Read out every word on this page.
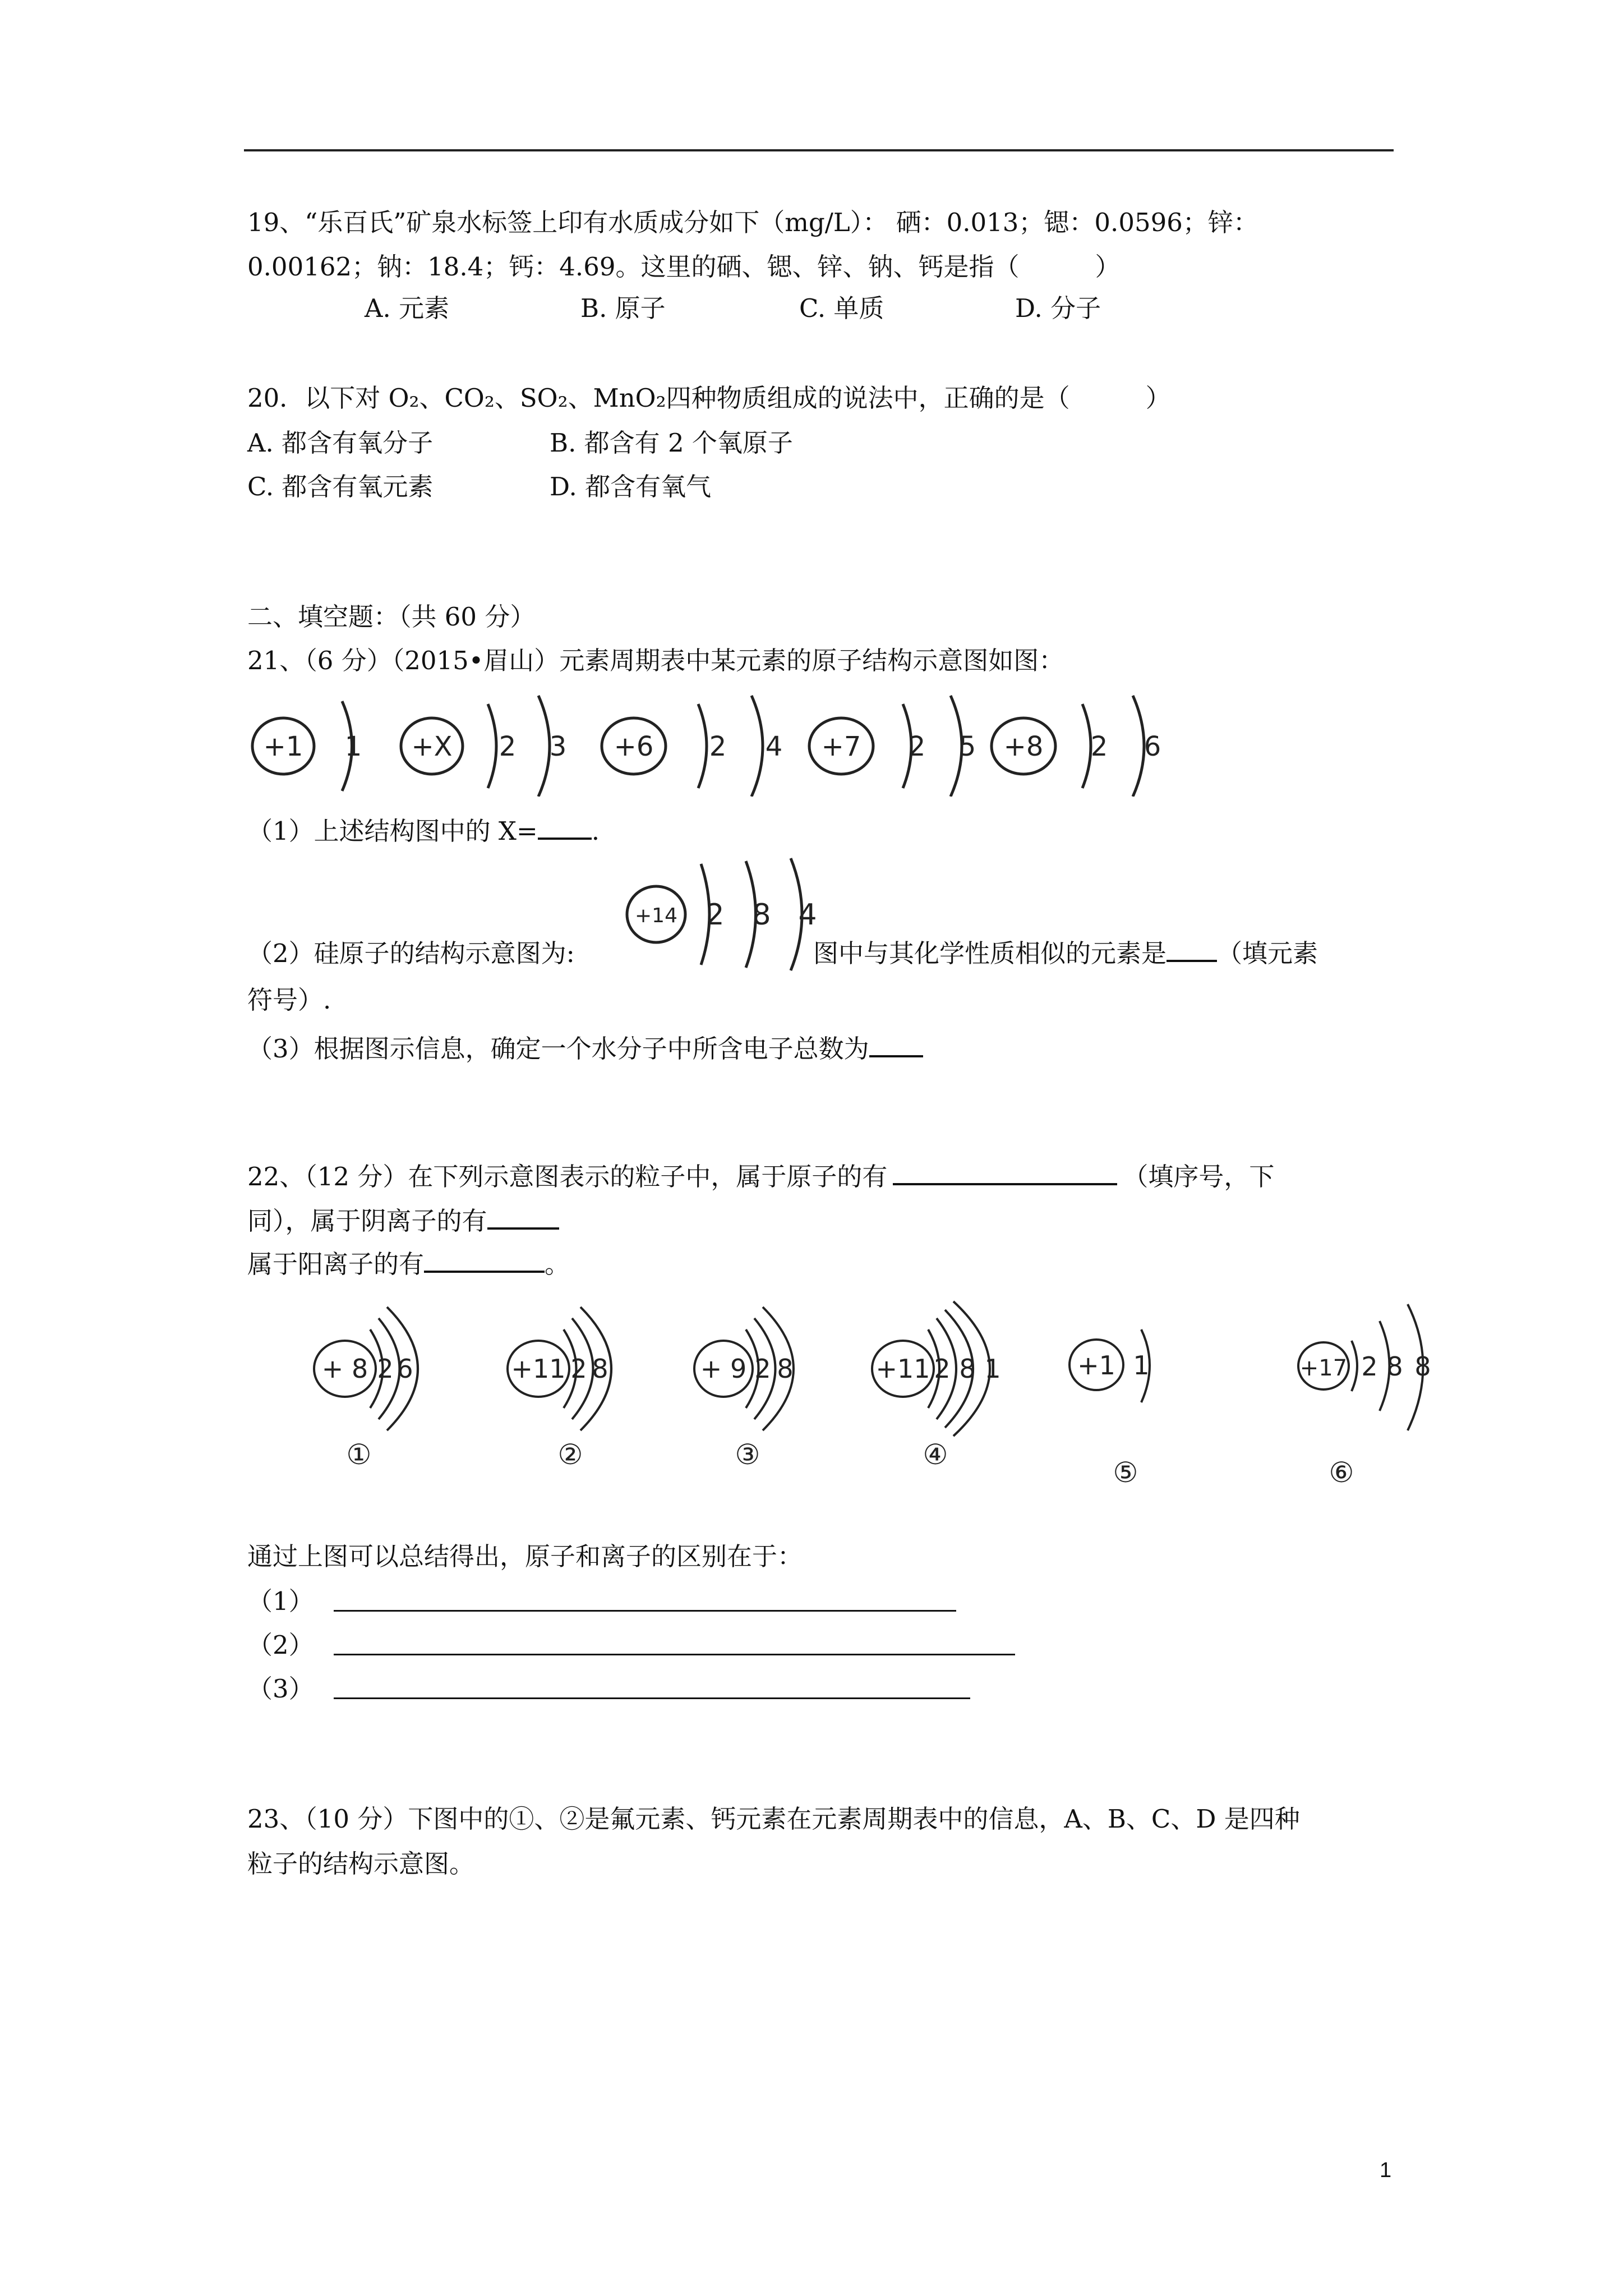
19、“乐百氏”矿泉水标签上印有水质成分如下（mg/L）： 硒：0.013；锶：0.0596；锌：
0.00162；钠：18.4；钙：4.69。这里的硒、锶、锌、钠、钙是指（　　　）
A. 元素	B. 原子	C. 单质	D. 分子
20．以下对 O₂、CO₂、SO₂、MnO₂四种物质组成的说法中，正确的是（　　　）
A. 都含有氧分子	B. 都含有 2 个氧原子
C. 都含有氧元素	D. 都含有氧气
二、填空题：（共 60 分）
21、（6 分）（2015•眉山）元素周期表中某元素的原子结构示意图如图：
+1 1 +X 2 3 +6 2 4 +7 2 5 +8 2 6
（1）上述结构图中的 X= .
+14 2 8 4
（2）硅原子的结构示意图为:	图中与其化学性质相似的元素是 （填元素
符号）.
（3）根据图示信息，确定一个水分子中所含电子总数为
22、（12 分）在下列示意图表示的粒子中，属于原子的有	（填序号，下
同），属于阴离子的有
属于阳离子的有	。
+ 8 2 6	+11 2 8	+ 9 2 8	+11 2 8 1	+1 1	+17 2 8 8
①	②	③	④
⑤	⑥
通过上图可以总结得出，原子和离子的区别在于：
（1）
（2）
（3）
23、（10 分）下图中的①、②是氟元素、钙元素在元素周期表中的信息，A、B、C、D 是四种
粒子的结构示意图。
1
